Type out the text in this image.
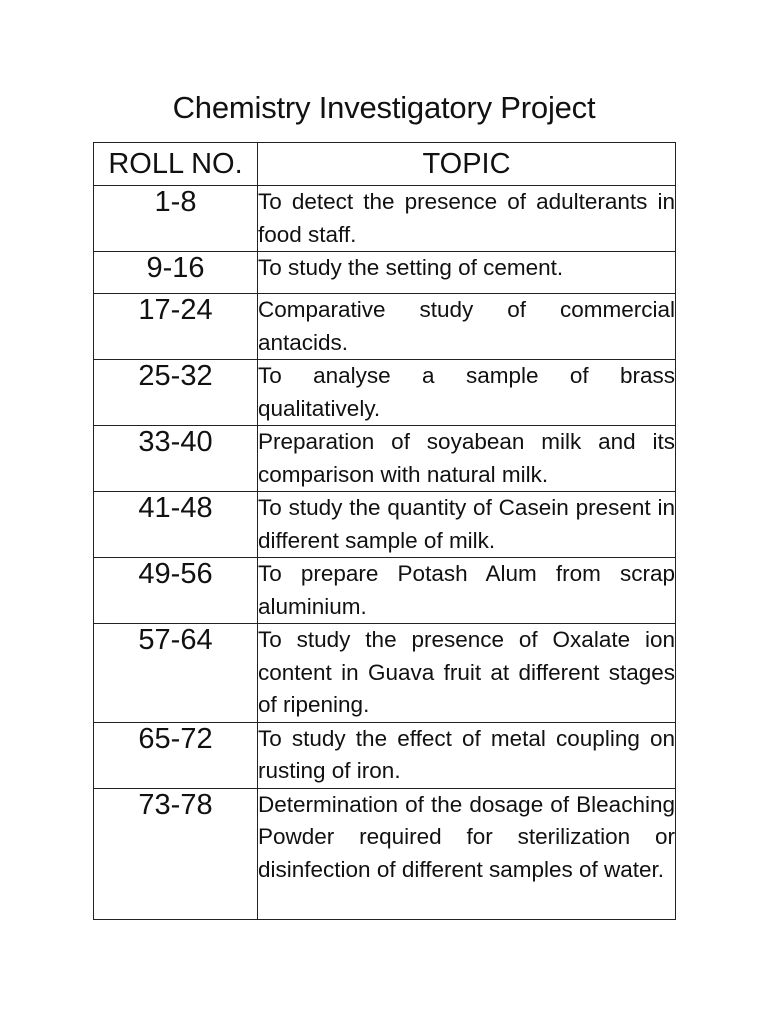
Chemistry Investigatory Project
ROLL NO.	TOPIC
1-8	To detect the presence of adulterants in food staff.

9-16	To study the setting of cement.

17-24	Comparative study of commercial antacids.

25-32	To analyse a sample of brass qualitatively.

33-40	Preparation of soyabean milk and its comparison with natural milk.

41-48	To study the quantity of Casein present in different sample of milk.

49-56	To prepare Potash Alum from scrap aluminium.

57-64	To study the presence of Oxalate ion content in Guava fruit at different stages of ripening.

65-72	To study the effect of metal coupling on rusting of iron.

73-78	Determination of the dosage of Bleaching Powder required for sterilization or disinfection of different samples of water.
